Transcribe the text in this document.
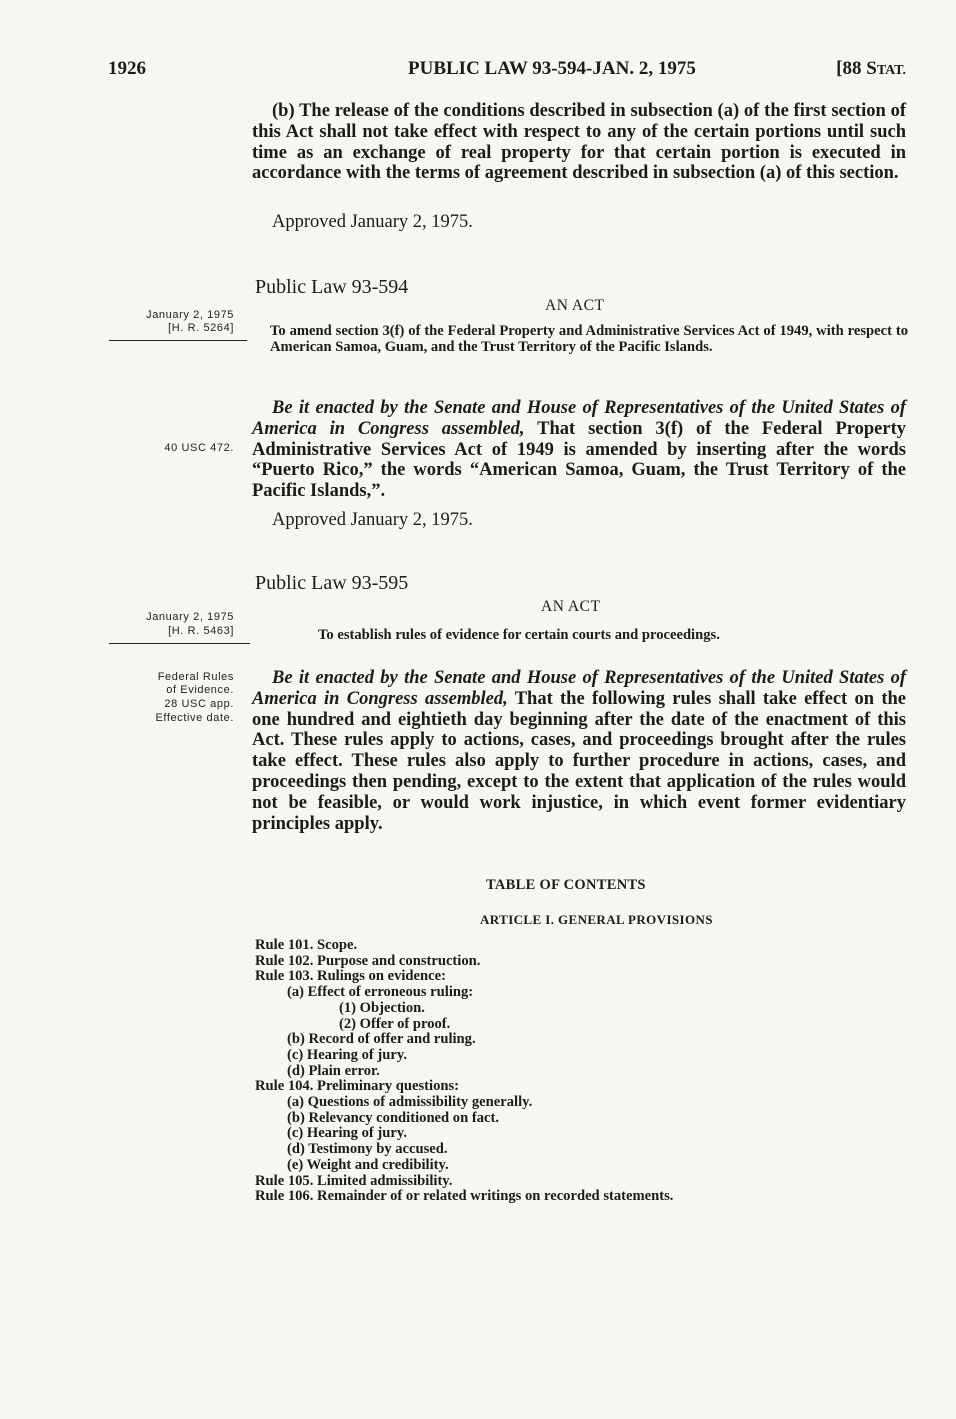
1926	PUBLIC LAW 93-594-JAN. 2, 1975	[88 STAT.
(b) The release of the conditions described in subsection (a) of the first section of this Act shall not take effect with respect to any of the certain portions until such time as an exchange of real property for that certain portion is executed in accordance with the terms of agreement described in subsection (a) of this section.
Approved January 2, 1975.
Public Law 93-594
AN ACT
January 2, 1975
[H. R. 5264]	To amend section 3(f) of the Federal Property and Administrative Services Act of 1949, with respect to American Samoa, Guam, and the Trust Territory of the Pacific Islands.
Be it enacted by the Senate and House of Representatives of the United States of America in Congress assembled, That section 3(f) of the Federal Property Administrative Services Act of 1949 is amended by inserting after the words “Puerto Rico,” the words “American Samoa, Guam, the Trust Territory of the Pacific Islands,”.
40 USC 472.
Approved January 2, 1975.
Public Law 93-595
AN ACT
January 2, 1975
[H. R. 5463]	To establish rules of evidence for certain courts and proceedings.
Federal Rules
of Evidence.
28 USC app.
Effective date.
Be it enacted by the Senate and House of Representatives of the United States of America in Congress assembled, That the following rules shall take effect on the one hundred and eightieth day beginning after the date of the enactment of this Act. These rules apply to actions, cases, and proceedings brought after the rules take effect. These rules also apply to further procedure in actions, cases, and proceedings then pending, except to the extent that application of the rules would not be feasible, or would work injustice, in which event former evidentiary principles apply.
TABLE OF CONTENTS
ARTICLE I. GENERAL PROVISIONS
Rule 101. Scope.
Rule 102. Purpose and construction.
Rule 103. Rulings on evidence:
(a) Effect of erroneous ruling:
(1) Objection.
(2) Offer of proof.
(b) Record of offer and ruling.
(c) Hearing of jury.
(d) Plain error.
Rule 104. Preliminary questions:
(a) Questions of admissibility generally.
(b) Relevancy conditioned on fact.
(c) Hearing of jury.
(d) Testimony by accused.
(e) Weight and credibility.
Rule 105. Limited admissibility.
Rule 106. Remainder of or related writings on recorded statements.
